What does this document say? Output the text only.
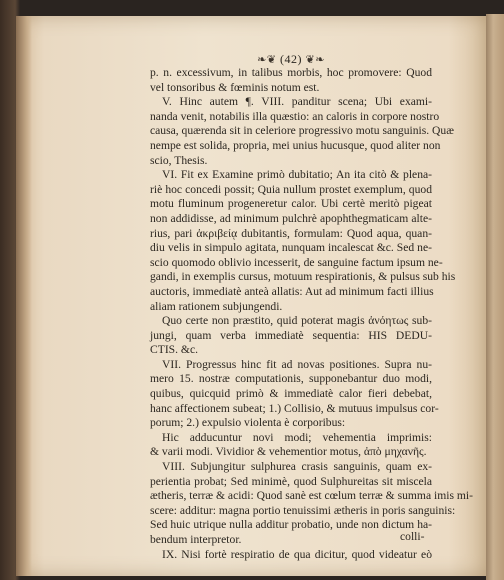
❧❦ (42) ❦❧
p. n. excessivum, in talibus morbis, hoc promovere: Quod
vel tonsoribus & fœminis notum est.
V. Hinc autem ¶. VIII. panditur scena; Ubi exami-
nanda venit, notabilis illa quæstio: an caloris in corpore nostro
causa, quærenda sit in celeriore progressivo motu sanguinis. Quæ
nempe est solida, propria, mei unius hucusque, quod aliter non
scio, Thesis.
VI. Fit ex Examine primò dubitatio; An ita citò & plena-
riè hoc concedi possit; Quia nullum prostet exemplum, quod
motu fluminum progeneretur calor. Ubi certè meritò pigeat
non addidisse, ad minimum pulchrè apophthegmaticam alte-
rius, pari ἀκριβείᾳ dubitantis, formulam: Quod aqua, quan-
diu velis in simpulo agitata, nunquam incalescat &c. Sed ne-
scio quomodo oblivio incesserit, de sanguine factum ipsum ne-
gandi, in exemplis cursus, motuum respirationis, & pulsus sub his
auctoris, immediatè anteà allatis: Aut ad minimum facti illius
aliam rationem subjungendi.
Quo certe non præstito, quid poterat magis ἀνόητως sub-
jungi, quam verba immediatè sequentia: HIS DEDU-
CTIS. &c.
VII. Progressus hinc fit ad novas positiones. Supra nu-
mero 15. nostræ computationis, supponebantur duo modi,
quibus, quicquid primò & immediatè calor fieri debebat,
hanc affectionem subeat; 1.) Collisio, & mutuus impulsus cor-
porum; 2.) expulsio violenta è corporibus:
Hic adducuntur novi modi; vehementia imprimis:
& varii modi. Vividior & vehementior motus, ἀπὸ μηχανῆς.
VIII. Subjungitur sulphurea crasis sanguinis, quam ex-
perientia probat; Sed minimè, quod Sulphureitas sit miscela
ætheris, terræ & acidi: Quod sanè est cœlum terræ & summa imis mi-
scere: additur: magna portio tenuissimi ætheris in poris sanguinis:
Sed huic utrique nulla additur probatio, unde non dictum ha-
bendum interpretor.
IX. Nisi fortè respiratio de qua dicitur, quod videatur eò
colli-
